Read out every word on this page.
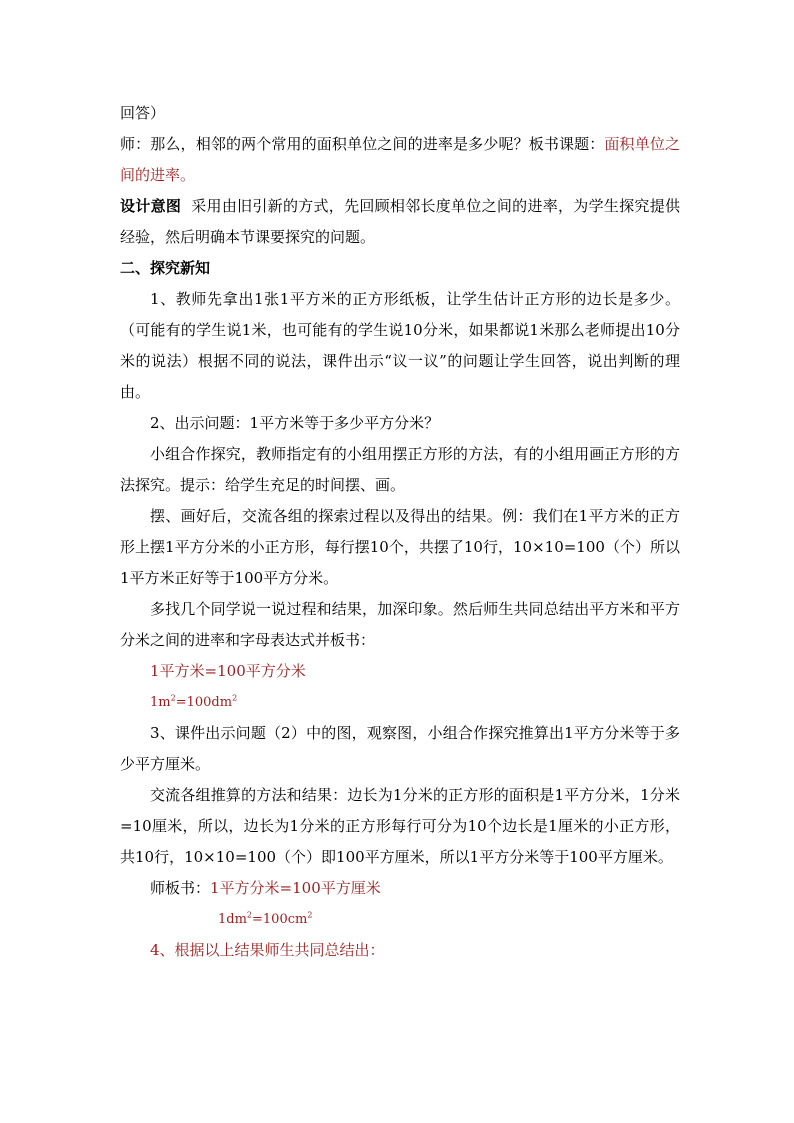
回答）

师：那么，相邻的两个常用的面积单位之间的进率是多少呢？板书课题：面积单位之间的进率。

设计意图 采用由旧引新的方式，先回顾相邻长度单位之间的进率，为学生探究提供经验，然后明确本节课要探究的问题。

二、探究新知

1、教师先拿出1张1平方米的正方形纸板，让学生估计正方形的边长是多少。（可能有的学生说1米，也可能有的学生说10分米，如果都说1米那么老师提出10分米的说法）根据不同的说法，课件出示“议一议”的问题让学生回答，说出判断的理由。

2、出示问题：1平方米等于多少平方分米？

小组合作探究，教师指定有的小组用摆正方形的方法，有的小组用画正方形的方法探究。提示：给学生充足的时间摆、画。

摆、画好后，交流各组的探索过程以及得出的结果。例：我们在1平方米的正方形上摆1平方分米的小正方形，每行摆10个，共摆了10行，10×10=100（个）所以1平方米正好等于100平方分米。

多找几个同学说一说过程和结果，加深印象。然后师生共同总结出平方米和平方分米之间的进率和字母表达式并板书：

1平方米=100平方分米

$1m^2=100dm^2$

3、课件出示问题（2）中的图，观察图，小组合作探究推算出1平方分米等于多少平方厘米。

交流各组推算的方法和结果：边长为1分米的正方形的面积是1平方分米，1分米=10厘米，所以，边长为1分米的正方形每行可分为10个边长是1厘米的小正方形，共10行，10×10=100（个）即100平方厘米，所以1平方分米等于100平方厘米。

师板书：1平方分米=100平方厘米

$1dm^2=100cm^2$

4、根据以上结果师生共同总结出：
